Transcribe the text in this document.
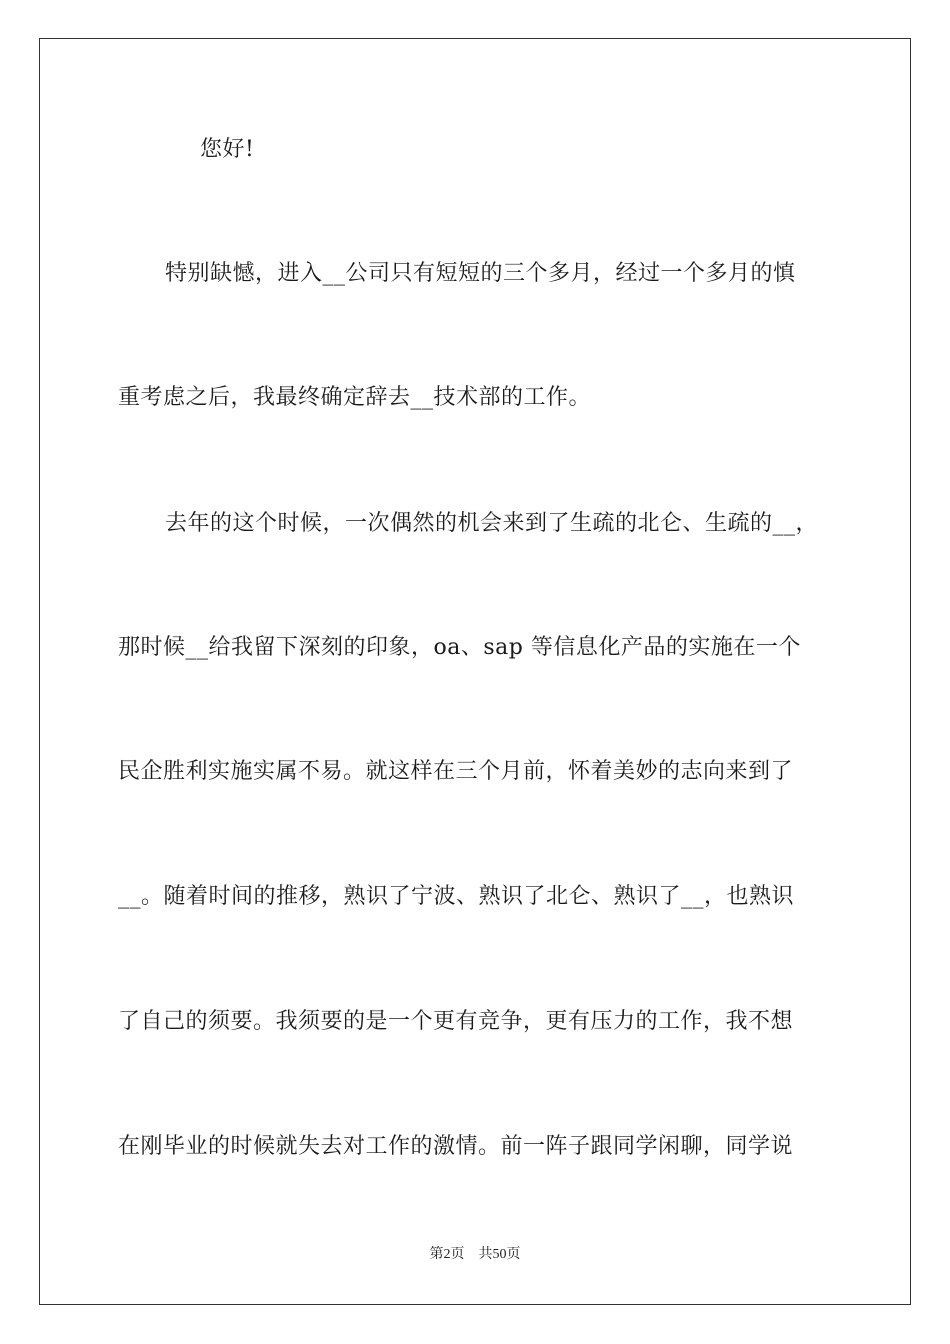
您好!
特别缺憾，进入__公司只有短短的三个多月，经过一个多月的慎
重考虑之后，我最终确定辞去__技术部的工作。
去年的这个时候，一次偶然的机会来到了生疏的北仑、生疏的__，
那时候__给我留下深刻的印象，oa、sap 等信息化产品的实施在一个
民企胜利实施实属不易。就这样在三个月前，怀着美妙的志向来到了
__。随着时间的推移，熟识了宁波、熟识了北仑、熟识了__，也熟识
了自己的须要。我须要的是一个更有竞争，更有压力的工作，我不想
在刚毕业的时候就失去对工作的激情。前一阵子跟同学闲聊，同学说
第2页 共50页
